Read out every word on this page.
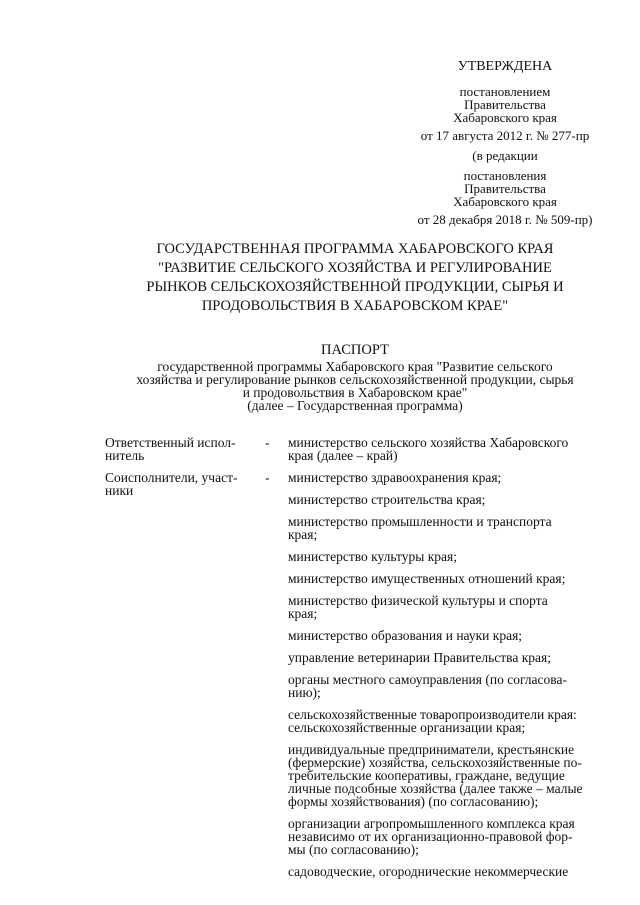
УТВЕРЖДЕНА
постановлением
Правительства
Хабаровского края
от 17 августа 2012 г. № 277-пр
(в редакции
постановления
Правительства
Хабаровского края
от 28 декабря 2018 г. № 509-пр)
ГОСУДАРСТВЕННАЯ ПРОГРАММА ХАБАРОВСКОГО КРАЯ
"РАЗВИТИЕ СЕЛЬСКОГО ХОЗЯЙСТВА И РЕГУЛИРОВАНИЕ
РЫНКОВ СЕЛЬСКОХОЗЯЙСТВЕННОЙ ПРОДУКЦИИ, СЫРЬЯ И
ПРОДОВОЛЬСТВИЯ В ХАБАРОВСКОМ КРАЕ"
ПАСПОРТ
государственной программы Хабаровского края "Развитие сельского
хозяйства и регулирование рынков сельскохозяйственной продукции, сырья
и продовольствия в Хабаровском крае"
(далее – Государственная программа)
Ответственный испол-
нитель
- министерство сельского хозяйства Хабаровского
края (далее – край)
Соисполнители, участ-
ники
- министерство здравоохранения края;
министерство строительства края;
министерство промышленности и транспорта
края;
министерство культуры края;
министерство имущественных отношений края;
министерство физической культуры и спорта
края;
министерство образования и науки края;
управление ветеринарии Правительства края;
органы местного самоуправления (по согласова-
нию);
сельскохозяйственные товаропроизводители края:
сельскохозяйственные организации края;
индивидуальные предприниматели, крестьянские
(фермерские) хозяйства, сельскохозяйственные по-
требительские кооперативы, граждане, ведущие
личные подсобные хозяйства (далее также – малые
формы хозяйствования) (по согласованию);
организации агропромышленного комплекса края
независимо от их организационно-правовой фор-
мы (по согласованию);
садоводческие, огороднические некоммерческие
